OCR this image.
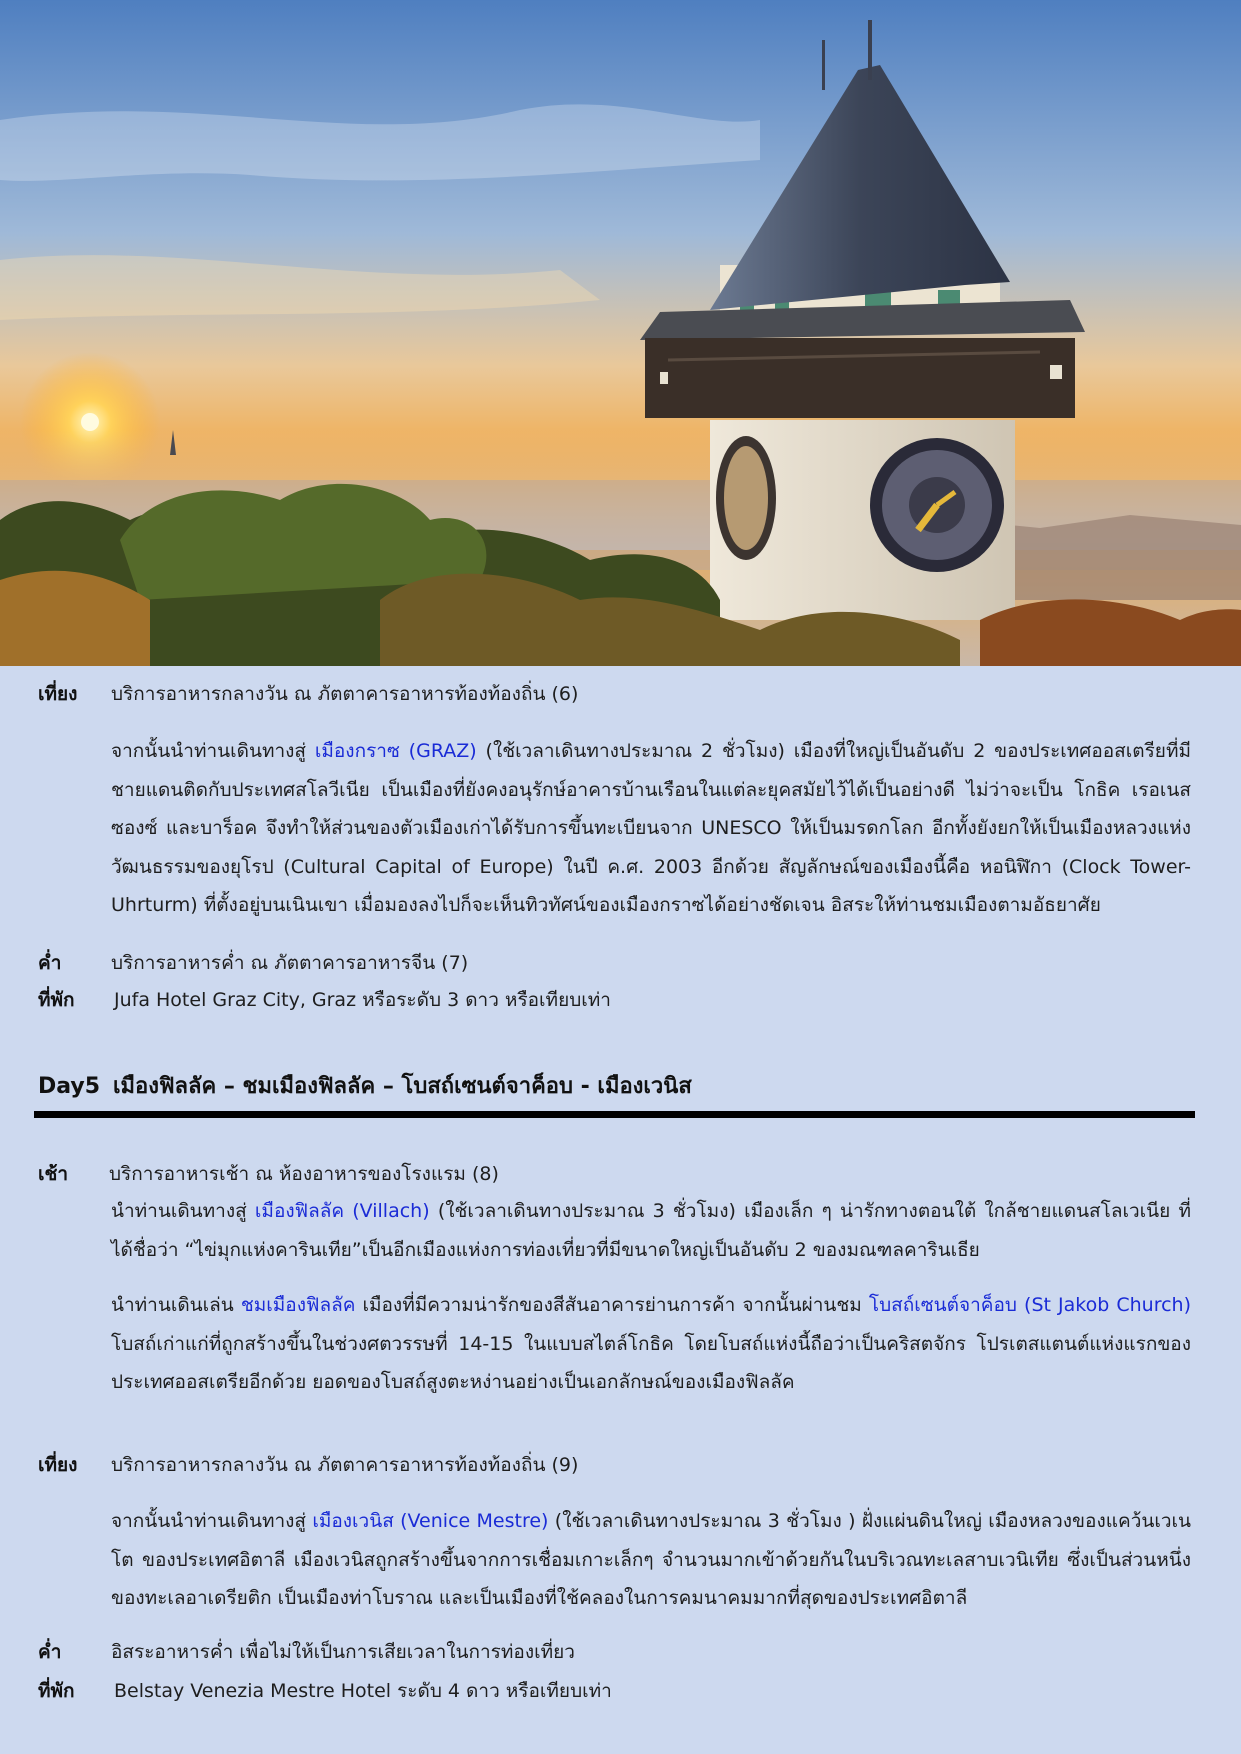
เที่ยง บริการอาหารกลางวัน ณ ภัตตาคารอาหารท้องท้องถิ่น (6)

จากนั้นนำท่านเดินทางสู่ เมืองกราซ (GRAZ) (ใช้เวลาเดินทางประมาณ 2 ชั่วโมง) เมืองที่ใหญ่เป็นอันดับ 2 ของประเทศออสเตรียที่มีชายแดนติดกับประเทศสโลวีเนีย เป็นเมืองที่ยังคงอนุรักษ์อาคารบ้านเรือนในแต่ละยุคสมัยไว้ได้เป็นอย่างดี ไม่ว่าจะเป็น โกธิค เรอเนสซองซ์ และบาร็อค จึงทำให้ส่วนของตัวเมืองเก่าได้รับการขึ้นทะเบียนจาก UNESCO ให้เป็นมรดกโลก อีกทั้งยังยกให้เป็นเมืองหลวงแห่งวัฒนธรรมของยุโรป (Cultural Capital of Europe) ในปี ค.ศ. 2003 อีกด้วย สัญลักษณ์ของเมืองนี้คือ หอนิฬิกา (Clock Tower-Uhrturm) ที่ตั้งอยู่บนเนินเขา เมื่อมองลงไปก็จะเห็นทิวทัศน์ของเมืองกราซได้อย่างชัดเจน อิสระให้ท่านชมเมืองตามอัธยาศัย

ค่ำ	บริการอาหารค่ำ ณ ภัตตาคารอาหารจีน (7)
ที่พัก Jufa Hotel Graz City, Graz หรือระดับ 3 ดาว หรือเทียบเท่า
Day5 เมืองฟิลลัค – ชมเมืองฟิลลัค – โบสถ์เซนต์จาค็อบ - เมืองเวนิส
เช้า บริการอาหารเช้า ณ ห้องอาหารของโรงแรม (8)

นำท่านเดินทางสู่ เมืองฟิลลัค (Villach) (ใช้เวลาเดินทางประมาณ 3 ชั่วโมง) เมืองเล็ก ๆ น่ารักทางตอนใต้ ใกล้ชายแดนสโลเวเนีย ที่ได้ชื่อว่า “ไข่มุกแห่งคารินเทีย”เป็นอีกเมืองแห่งการท่องเที่ยวที่มีขนาดใหญ่เป็นอันดับ 2 ของมณฑลคารินเธีย

นำท่านเดินเล่น ชมเมืองฟิลลัค เมืองที่มีความน่ารักของสีสันอาคารย่านการค้า จากนั้นผ่านชม โบสถ์เซนต์จาค็อบ (St Jakob Church) โบสถ์เก่าแก่ที่ถูกสร้างขึ้นในช่วงศตวรรษที่ 14-15 ในแบบสไตล์โกธิค โดยโบสถ์แห่งนี้ถือว่าเป็นคริสตจักร โปรเตสแตนต์แห่งแรกของประเทศออสเตรียอีกด้วย ยอดของโบสถ์สูงตะหง่านอย่างเป็นเอกลักษณ์ของเมืองฟิลลัค

เที่ยง บริการอาหารกลางวัน ณ ภัตตาคารอาหารท้องท้องถิ่น (9)

จากนั้นนำท่านเดินทางสู่ เมืองเวนิส (Venice Mestre) (ใช้เวลาเดินทางประมาณ 3 ชั่วโมง ) ฝั่งแผ่นดินใหญ่ เมืองหลวงของแคว้นเวเนโต ของประเทศอิตาลี เมืองเวนิสถูกสร้างขึ้นจากการเชื่อมเกาะเล็กๆ จำนวนมากเข้าด้วยกันในบริเวณทะเลสาบเวนิเทีย ซึ่งเป็นส่วนหนึ่งของทะเลอาเดรียติก เป็นเมืองท่าโบราณ และเป็นเมืองที่ใช้คลองในการคมนาคมมากที่สุดของประเทศอิตาลี

ค่ำ	อิสระอาหารค่ำ เพื่อไม่ให้เป็นการเสียเวลาในการท่องเที่ยว
ที่พัก Belstay Venezia Mestre Hotel ระดับ 4 ดาว หรือเทียบเท่า
